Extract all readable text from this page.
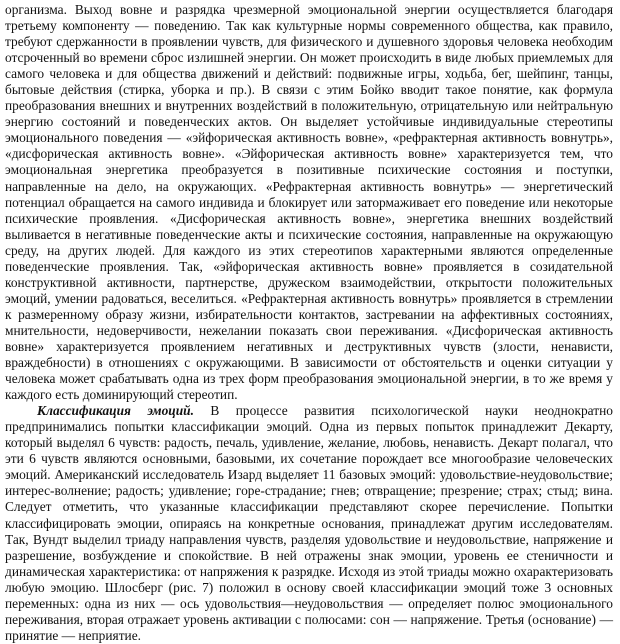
организма. Выход вовне и разрядка чрезмерной эмоциональной энергии осуществляется благодаря третьему компоненту — поведению. Так как культурные нормы современного общества, как правило, требуют сдержанности в проявлении чувств, для физического и душевного здоровья человека необходим отсроченный во времени сброс излишней энергии. Он может происходить в виде любых приемлемых для самого человека и для общества движений и действий: подвижные игры, ходьба, бег, шейпинг, танцы, бытовые действия (стирка, уборка и пр.). В связи с этим Бойко вводит такое понятие, как формула преобразования внешних и внутренних воздействий в положительную, отрицательную или нейтральную энергию состояний и поведенческих актов. Он выделяет устойчивые индивидуальные стереотипы эмоционального поведения — «эйфорическая активность вовне», «рефрактерная активность вовнутрь», «дисфорическая активность вовне». «Эйфорическая активность вовне» характеризуется тем, что эмоциональная энергетика преобразуется в позитивные психические состояния и поступки, направленные на дело, на окружающих. «Рефрактерная активность вовнутрь» — энергетический потенциал обращается на самого индивида и блокирует или затормаживает его поведение или некоторые психические проявления. «Дисфорическая активность вовне», энергетика внешних воздействий выливается в негативные поведенческие акты и психические состояния, направленные на окружающую среду, на других людей. Для каждого из этих стереотипов характерными являются определенные поведенческие проявления. Так, «эйфорическая активность вовне» проявляется в созидательной конструктивной активности, партнерстве, дружеском взаимодействии, открытости положительных эмоций, умении радоваться, веселиться. «Рефрактерная активность вовнутрь» проявляется в стремлении к размеренному образу жизни, избирательности контактов, застревании на аффективных состояниях, мнительности, недоверчивости, нежелании показать свои переживания. «Дисфорическая активность вовне» характеризуется проявлением негативных и деструктивных чувств (злости, ненависти, враждебности) в отношениях с окружающими. В зависимости от обстоятельств и оценки ситуации у человека может срабатывать одна из трех форм преобразования эмоциональной энергии, в то же время у каждого есть доминирующий стереотип.

Классификация эмоций. В процессе развития психологической науки неоднократно предпринимались попытки классификации эмоций. Одна из первых попыток принадлежит Декарту, который выделял 6 чувств: радость, печаль, удивление, желание, любовь, ненависть. Декарт полагал, что эти 6 чувств являются основными, базовыми, их сочетание порождает все многообразие человеческих эмоций. Американский исследователь Изард выделяет 11 базовых эмоций: удовольствие-неудовольствие; интерес-волнение; радость; удивление; горе-страдание; гнев; отвращение; презрение; страх; стыд; вина. Следует отметить, что указанные классификации представляют скорее перечисление. Попытки классифицировать эмоции, опираясь на конкретные основания, принадлежат другим исследователям. Так, Вундт выделил триаду направления чувств, разделяя удовольствие и неудовольствие, напряжение и разрешение, возбуждение и спокойствие. В ней отражены знак эмоции, уровень ее стеничности и динамическая характеристика: от напряжения к разрядке. Исходя из этой триады можно охарактеризовать любую эмоцию. Шлосберг (рис. 7) положил в основу своей классификации эмоций тоже 3 основных переменных: одна из них — ось удовольствия—неудовольствия — определяет полюс эмоционального переживания, вторая отражает уровень активации с полюсами: сон — напряжение. Третья (основание) — принятие — неприятие.
